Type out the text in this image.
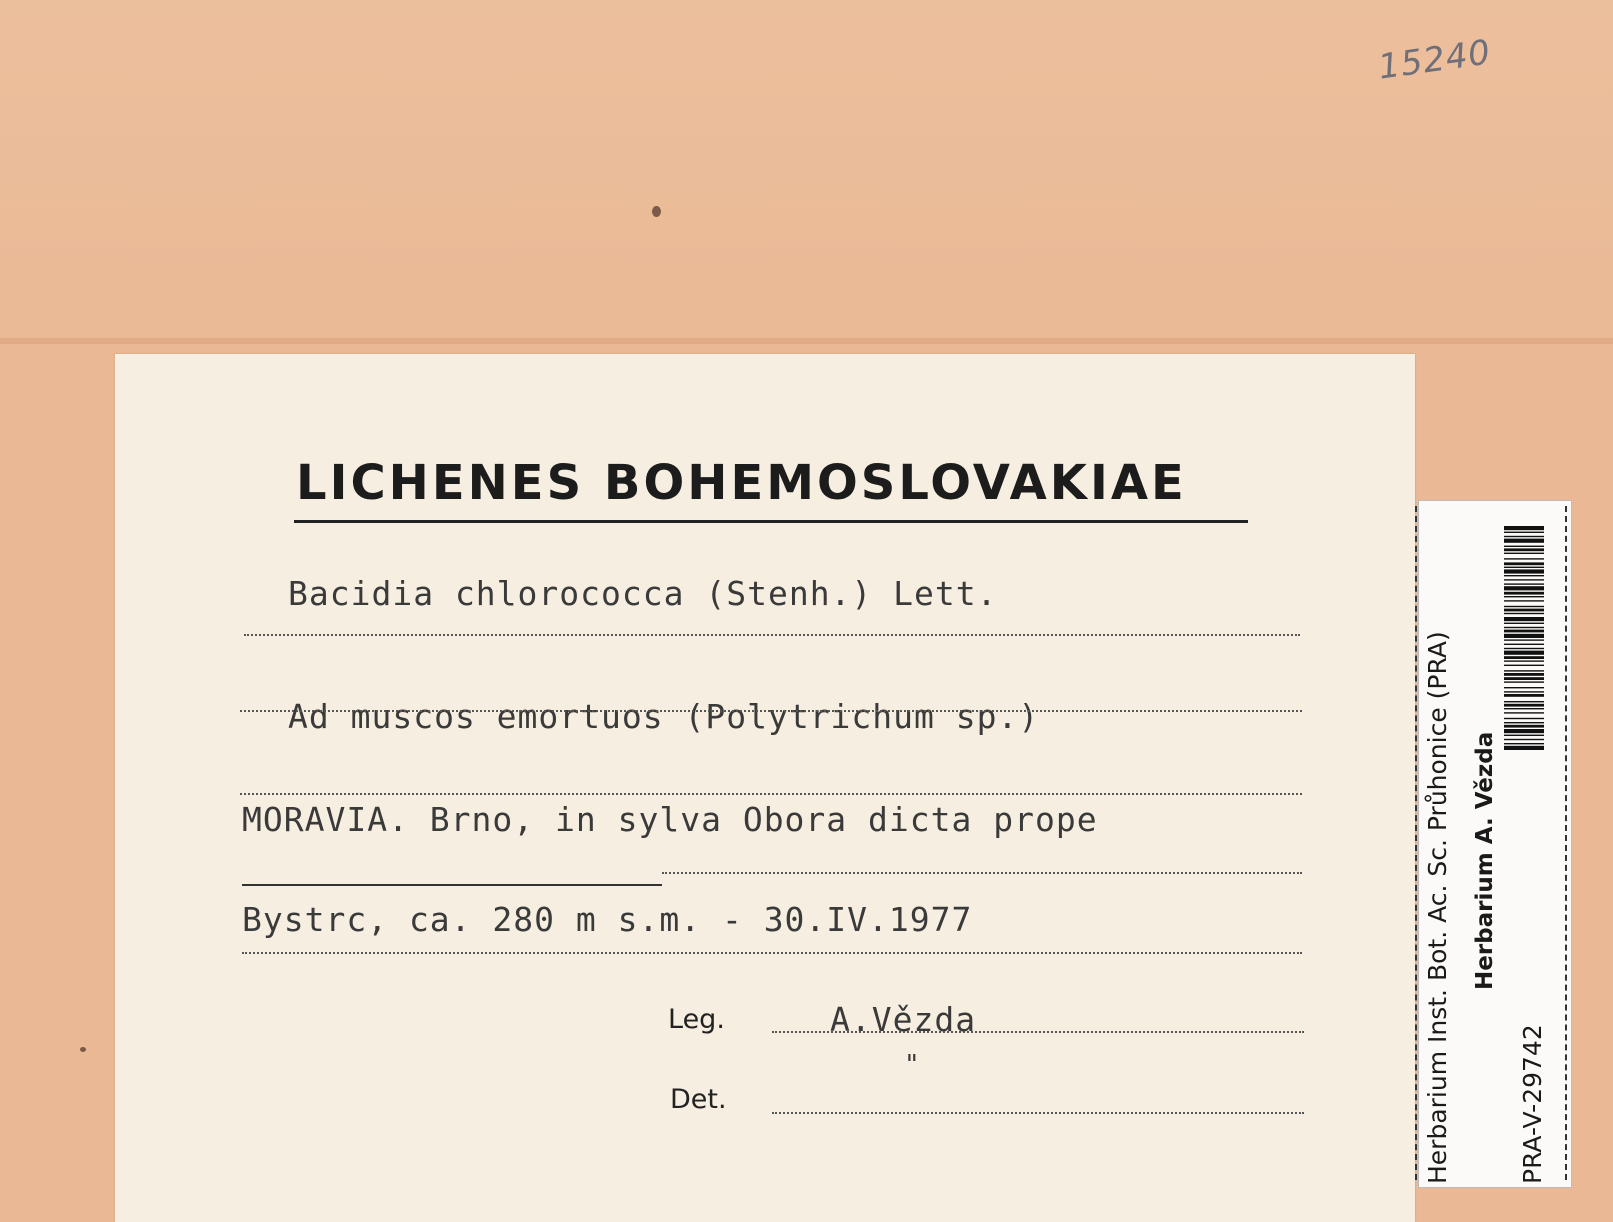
15240
LICHENES BOHEMOSLOVAKIAE
Bacidia chlorococca (Stenh.) Lett.
Ad muscos emortuos (Polytrichum sp.)
MORAVIA. Brno, in sylva Obora dicta prope
Bystrc, ca. 280 m s.m. - 30.IV.1977
Leg.	A.Vězda
"
Det.	Herbarium Inst. Bot. Ac. Sc. Průhonice (PRA) Herbarium A. Vězda
PRA-V-29742
